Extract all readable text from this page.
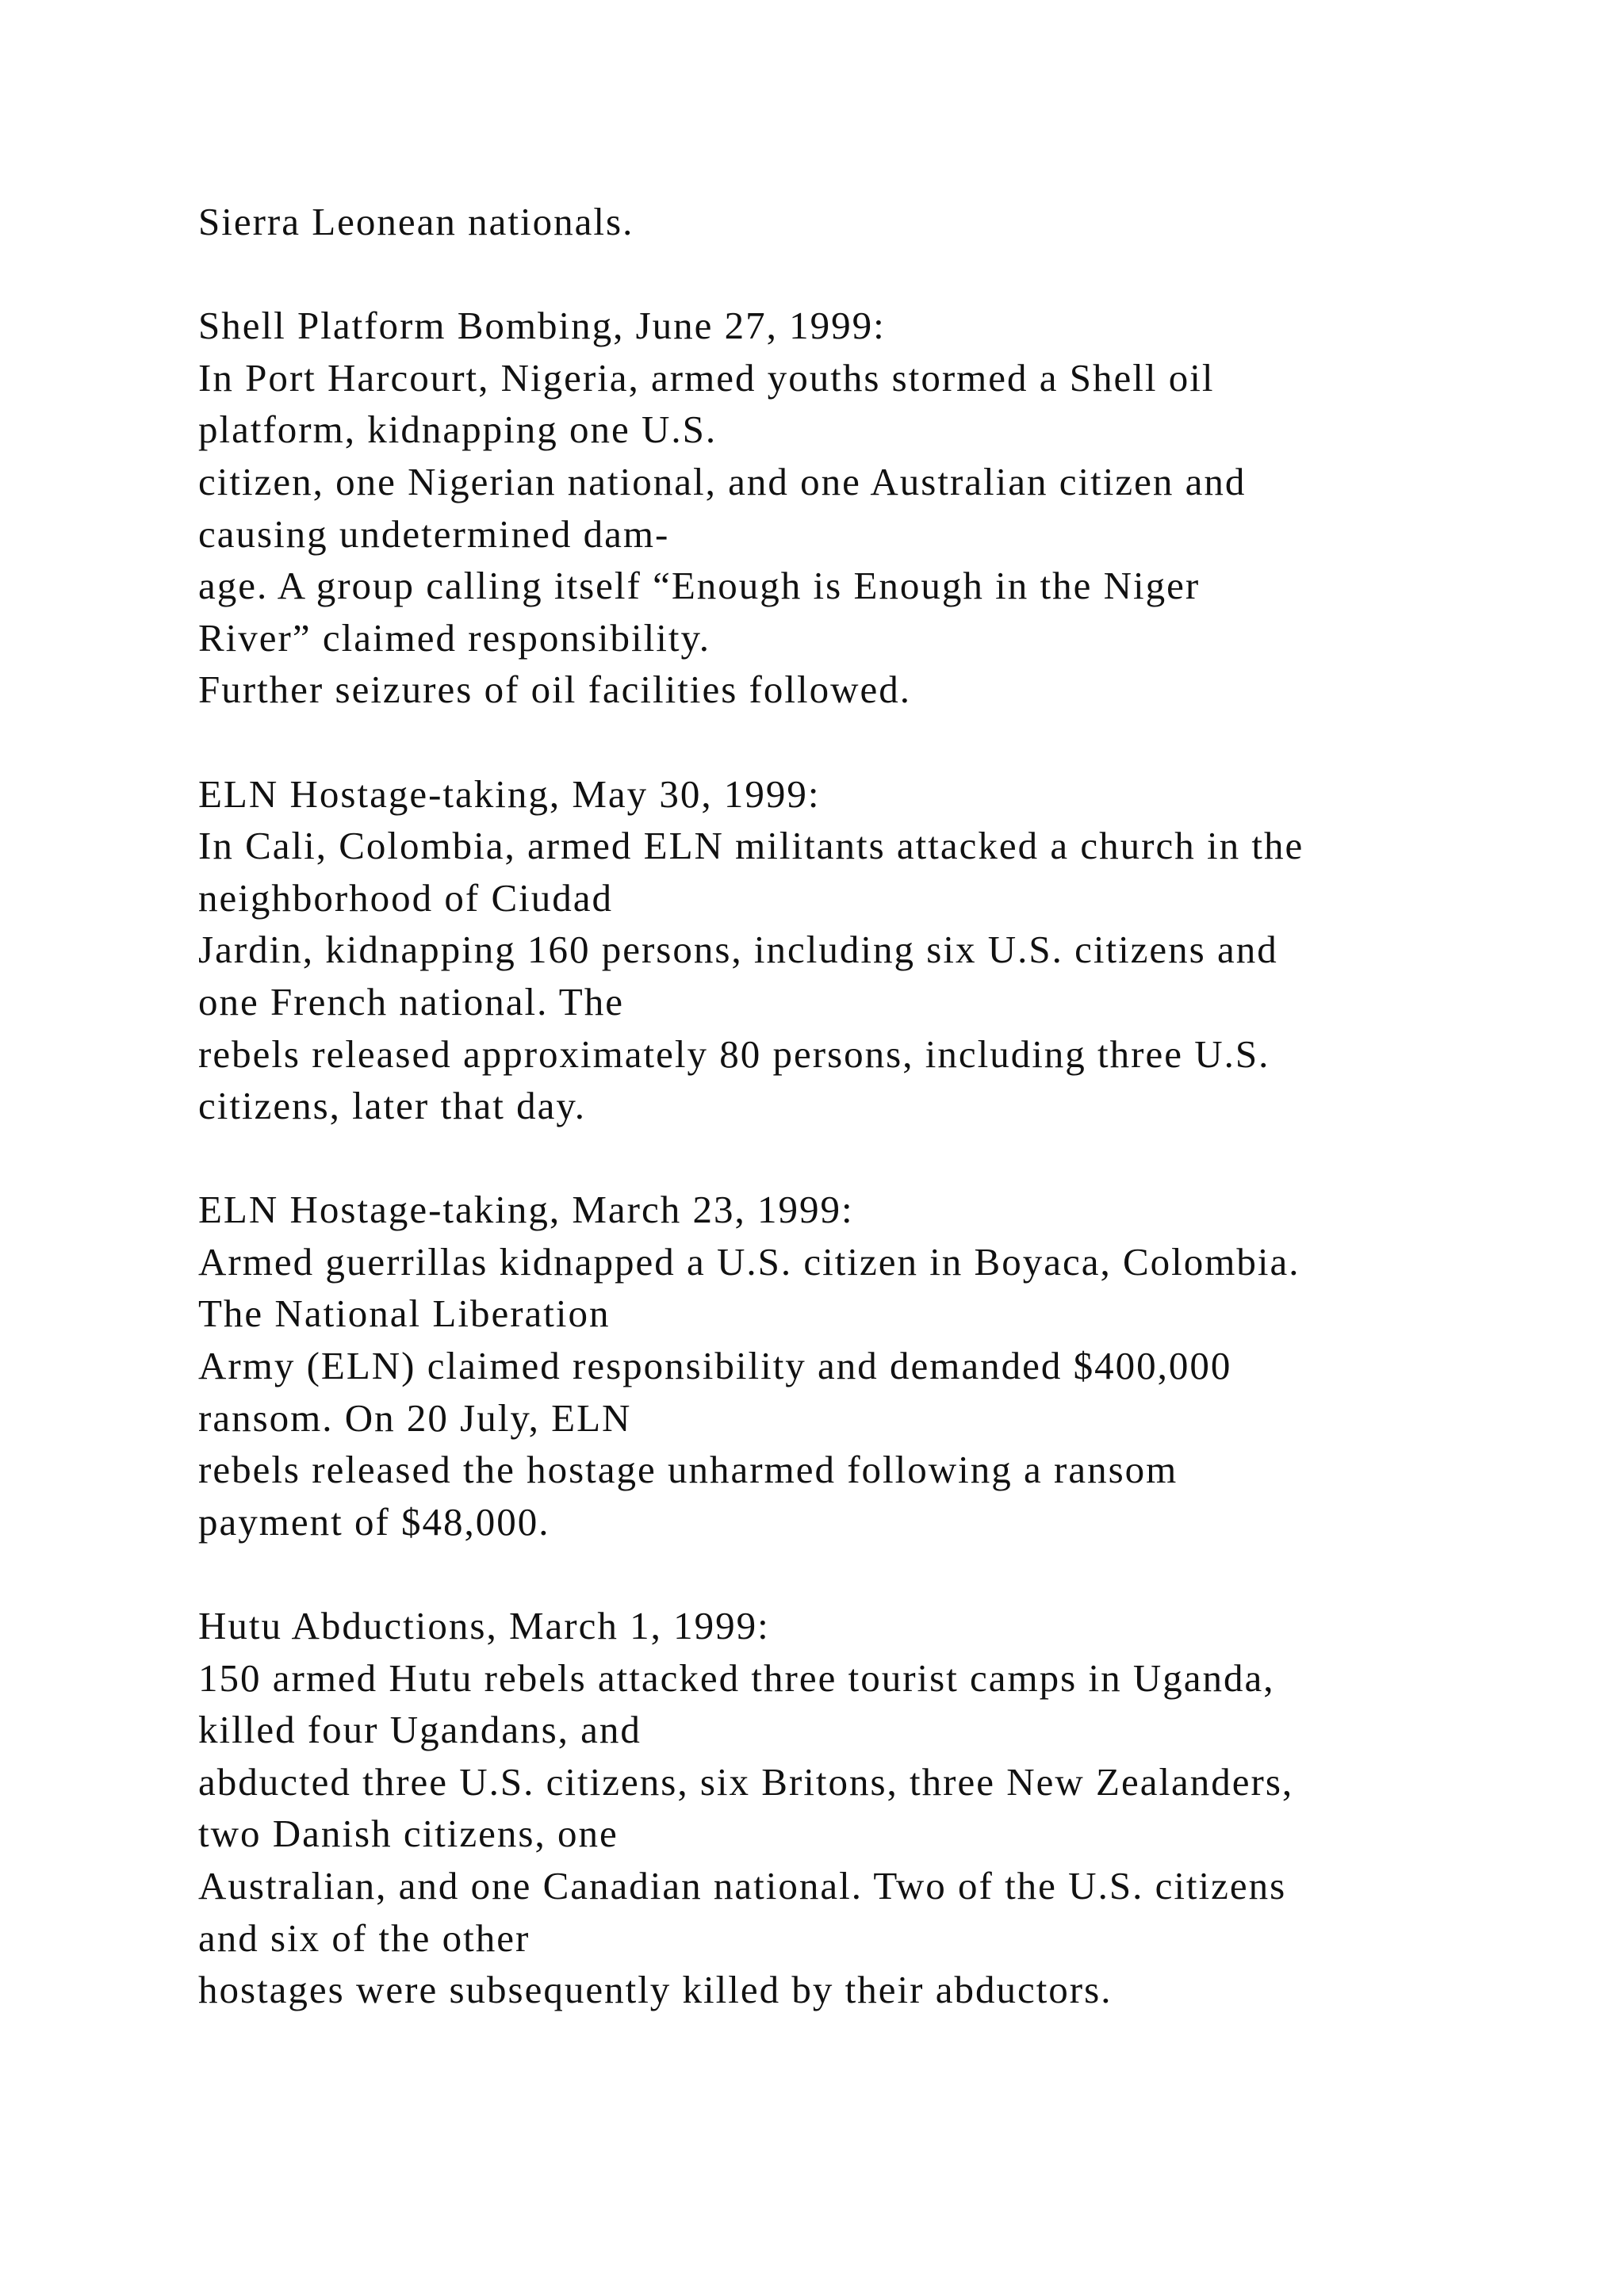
Sierra Leonean nationals.
Shell Platform Bombing, June 27, 1999:
In Port Harcourt, Nigeria, armed youths stormed a Shell oil
platform, kidnapping one U.S.
citizen, one Nigerian national, and one Australian citizen and
causing undetermined dam-
age. A group calling itself “Enough is Enough in the Niger
River” claimed responsibility.
Further seizures of oil facilities followed.
ELN Hostage-taking, May 30, 1999:
In Cali, Colombia, armed ELN militants attacked a church in the
neighborhood of Ciudad
Jardin, kidnapping 160 persons, including six U.S. citizens and
one French national. The
rebels released approximately 80 persons, including three U.S.
citizens, later that day.
ELN Hostage-taking, March 23, 1999:
Armed guerrillas kidnapped a U.S. citizen in Boyaca, Colombia.
The National Liberation
Army (ELN) claimed responsibility and demanded $400,000
ransom. On 20 July, ELN
rebels released the hostage unharmed following a ransom
payment of $48,000.
Hutu Abductions, March 1, 1999:
150 armed Hutu rebels attacked three tourist camps in Uganda,
killed four Ugandans, and
abducted three U.S. citizens, six Britons, three New Zealanders,
two Danish citizens, one
Australian, and one Canadian national. Two of the U.S. citizens
and six of the other
hostages were subsequently killed by their abductors.
